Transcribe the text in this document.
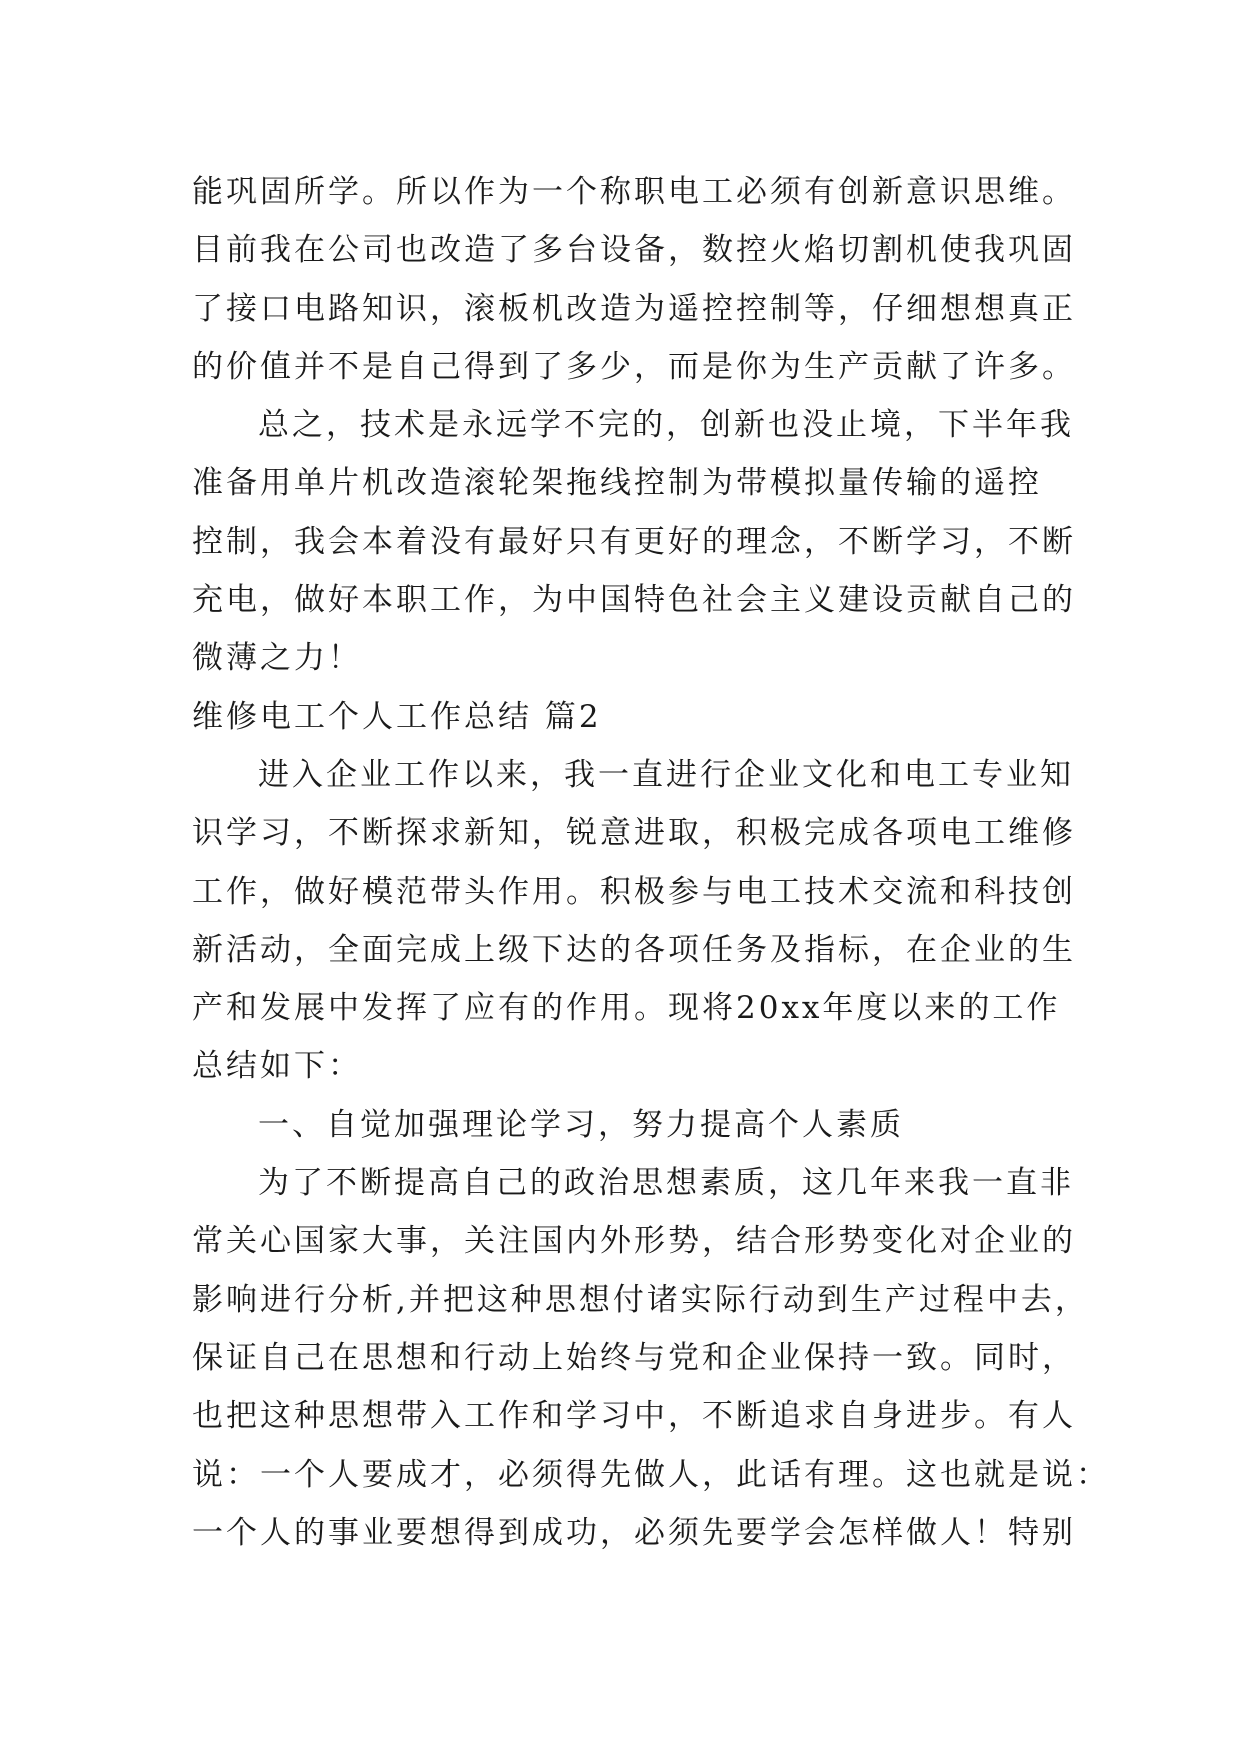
能巩固所学。所以作为一个称职电工必须有创新意识思维。
目前我在公司也改造了多台设备，数控火焰切割机使我巩固
了接口电路知识，滚板机改造为遥控控制等，仔细想想真正
的价值并不是自己得到了多少，而是你为生产贡献了许多。
总之，技术是永远学不完的，创新也没止境，下半年我
准备用单片机改造滚轮架拖线控制为带模拟量传输的遥控
控制，我会本着没有最好只有更好的理念，不断学习，不断
充电，做好本职工作，为中国特色社会主义建设贡献自己的
微薄之力！
维修电工个人工作总结 篇2
进入企业工作以来，我一直进行企业文化和电工专业知
识学习，不断探求新知，锐意进取，积极完成各项电工维修
工作，做好模范带头作用。积极参与电工技术交流和科技创
新活动，全面完成上级下达的各项任务及指标，在企业的生
产和发展中发挥了应有的作用。现将20xx年度以来的工作
总结如下：
一、自觉加强理论学习，努力提高个人素质
为了不断提高自己的政治思想素质，这几年来我一直非
常关心国家大事，关注国内外形势，结合形势变化对企业的
影响进行分析,并把这种思想付诸实际行动到生产过程中去，
保证自己在思想和行动上始终与党和企业保持一致。同时，
也把这种思想带入工作和学习中，不断追求自身进步。有人
说：一个人要成才，必须得先做人，此话有理。这也就是说：
一个人的事业要想得到成功，必须先要学会怎样做人！特别
